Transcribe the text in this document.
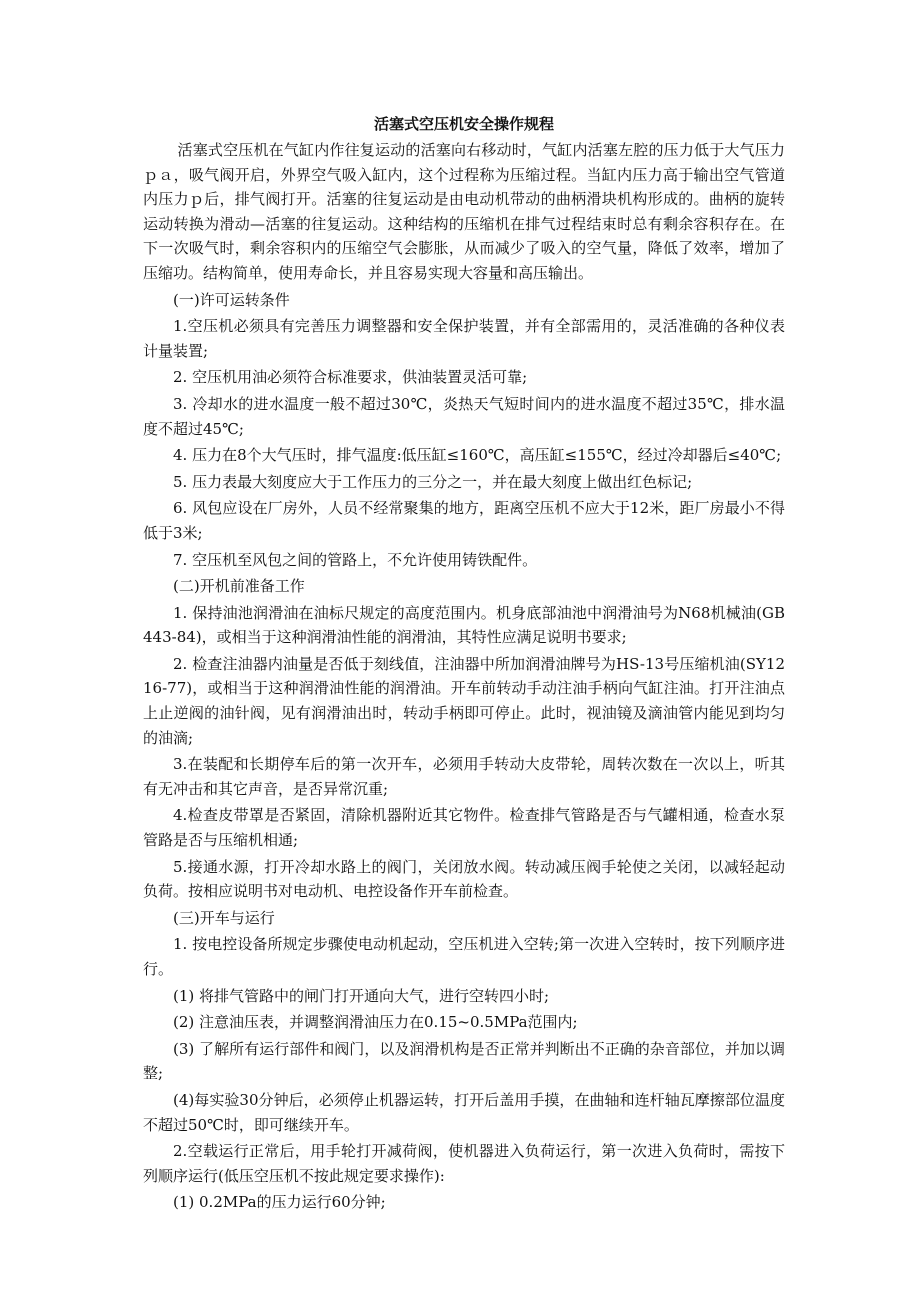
活塞式空压机安全操作规程

活塞式空压机在气缸内作往复运动的活塞向右移动时，气缸内活塞左腔的压力低于大气压力ｐａ，吸气阀开启，外界空气吸入缸内，这个过程称为压缩过程。当缸内压力高于输出空气管道内压力ｐ后，排气阀打开。活塞的往复运动是由电动机带动的曲柄滑块机构形成的。曲柄的旋转运动转换为滑动—活塞的往复运动。这种结构的压缩机在排气过程结束时总有剩余容积存在。在下一次吸气时，剩余容积内的压缩空气会膨胀，从而减少了吸入的空气量，降低了效率，增加了压缩功。结构简单，使用寿命长，并且容易实现大容量和高压输出。

(一)许可运转条件

1.空压机必须具有完善压力调整器和安全保护装置，并有全部需用的，灵活准确的各种仪表计量装置;

2. 空压机用油必须符合标准要求，供油装置灵活可靠;

3. 冷却水的进水温度一般不超过30℃，炎热天气短时间内的进水温度不超过35℃，排水温度不超过45℃;

4. 压力在8个大气压时，排气温度:低压缸≤160℃，高压缸≤155℃，经过冷却器后≤40℃;

5. 压力表最大刻度应大于工作压力的三分之一，并在最大刻度上做出红色标记;

6. 风包应设在厂房外，人员不经常聚集的地方，距离空压机不应大于12米，距厂房最小不得低于3米;

7. 空压机至风包之间的管路上，不允许使用铸铁配件。

(二)开机前准备工作

1. 保持油池润滑油在油标尺规定的高度范围内。机身底部油池中润滑油号为N68机械油(GB443-84)，或相当于这种润滑油性能的润滑油，其特性应满足说明书要求;

2. 检查注油器内油量是否低于刻线值，注油器中所加润滑油牌号为HS-13号压缩机油(SY1216-77)，或相当于这种润滑油性能的润滑油。开车前转动手动注油手柄向气缸注油。打开注油点上止逆阀的油针阀，见有润滑油出时，转动手柄即可停止。此时，视油镜及滴油管内能见到均匀的油滴;

3.在装配和长期停车后的第一次开车，必须用手转动大皮带轮，周转次数在一次以上，听其有无冲击和其它声音，是否异常沉重;

4.检查皮带罩是否紧固，清除机器附近其它物件。检查排气管路是否与气罐相通，检查水泵管路是否与压缩机相通;

5.接通水源，打开冷却水路上的阀门，关闭放水阀。转动减压阀手轮使之关闭，以减轻起动负荷。按相应说明书对电动机、电控设备作开车前检查。

(三)开车与运行

1. 按电控设备所规定步骤使电动机起动，空压机进入空转;第一次进入空转时，按下列顺序进行。

(1) 将排气管路中的闸门打开通向大气，进行空转四小时;

(2) 注意油压表，并调整润滑油压力在0.15~0.5MPa范围内;

(3) 了解所有运行部件和阀门，以及润滑机构是否正常并判断出不正确的杂音部位，并加以调整;

(4)每实验30分钟后，必须停止机器运转，打开后盖用手摸，在曲轴和连杆轴瓦摩擦部位温度不超过50℃时，即可继续开车。

2.空载运行正常后，用手轮打开减荷阀，使机器进入负荷运行，第一次进入负荷时，需按下列顺序运行(低压空压机不按此规定要求操作):

(1) 0.2MPa的压力运行60分钟;
